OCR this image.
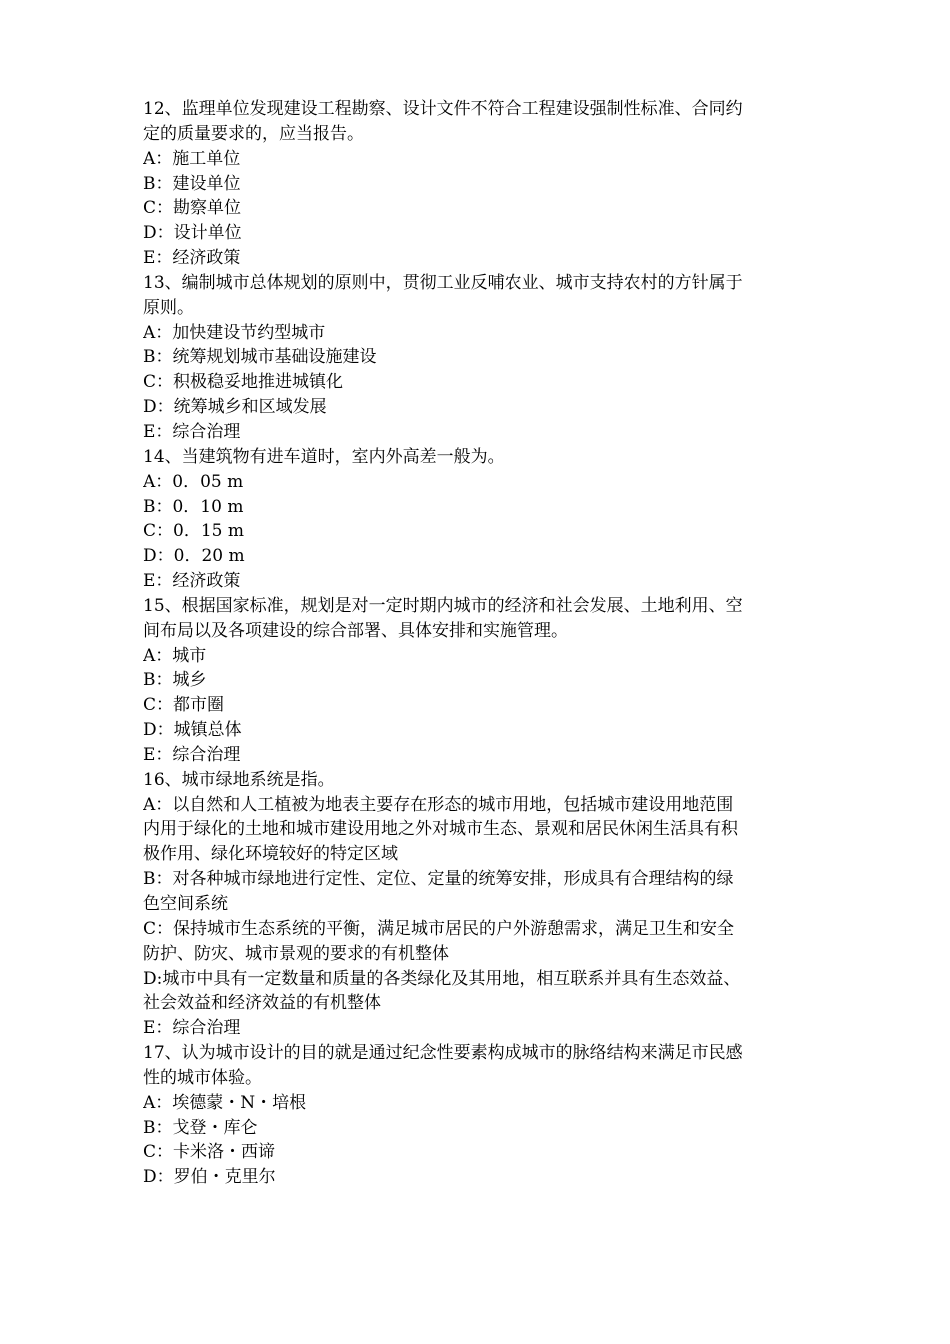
12、监理单位发现建设工程勘察、设计文件不符合工程建设强制性标准、合同约
定的质量要求的，应当报告。
A：施工单位
B：建设单位
C：勘察单位
D：设计单位
E：经济政策
13、编制城市总体规划的原则中，贯彻工业反哺农业、城市支持农村的方针属于
原则。
A：加快建设节约型城市
B：统筹规划城市基础设施建设
C：积极稳妥地推进城镇化
D：统筹城乡和区域发展
E：综合治理
14、当建筑物有进车道时，室内外高差一般为。
A：0．05 m
B：0．10 m
C：0．15 m
D：0．20 m
E：经济政策
15、根据国家标准，规划是对一定时期内城市的经济和社会发展、土地利用、空
间布局以及各项建设的综合部署、具体安排和实施管理。
A：城市
B：城乡
C：都市圈
D：城镇总体
E：综合治理
16、城市绿地系统是指。
A：以自然和人工植被为地表主要存在形态的城市用地，包括城市建设用地范围
内用于绿化的土地和城市建设用地之外对城市生态、景观和居民休闲生活具有积
极作用、绿化环境较好的特定区域
B：对各种城市绿地进行定性、定位、定量的统筹安排，形成具有合理结构的绿
色空间系统
C：保持城市生态系统的平衡，满足城市居民的户外游憩需求，满足卫生和安全
防护、防灾、城市景观的要求的有机整体
D:城市中具有一定数量和质量的各类绿化及其用地，相互联系并具有生态效益、
社会效益和经济效益的有机整体
E：综合治理
17、认为城市设计的目的就是通过纪念性要素构成城市的脉络结构来满足市民感
性的城市体验。
A：埃德蒙・N・培根
B：戈登・库仑
C：卡米洛・西谛
D：罗伯・克里尔
